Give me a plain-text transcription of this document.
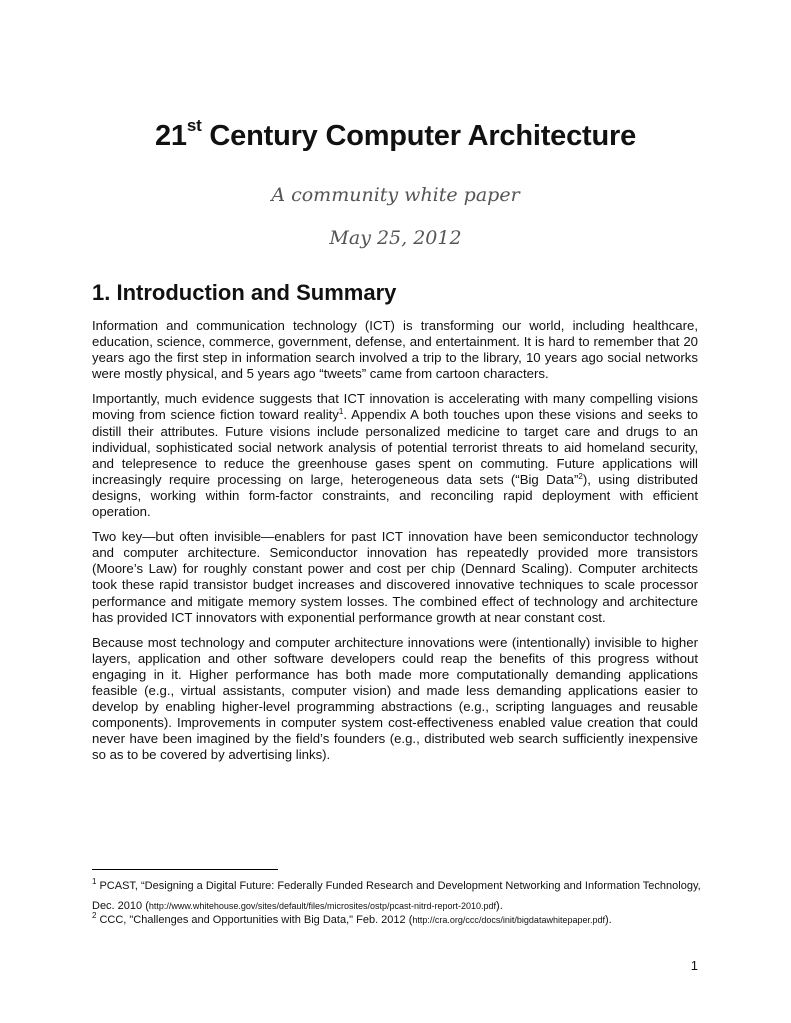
21st Century Computer Architecture
A community white paper
May 25, 2012
1. Introduction and Summary

Information and communication technology (ICT) is transforming our world, including healthcare, education, science, commerce, government, defense, and entertainment. It is hard to remember that 20 years ago the first step in information search involved a trip to the library, 10 years ago social networks were mostly physical, and 5 years ago “tweets” came from cartoon characters.

Importantly, much evidence suggests that ICT innovation is accelerating with many compelling visions moving from science fiction toward reality$^1$. Appendix A both touches upon these visions and seeks to distill their attributes. Future visions include personalized medicine to target care and drugs to an individual, sophisticated social network analysis of potential terrorist threats to aid homeland security, and telepresence to reduce the greenhouse gases spent on commuting. Future applications will increasingly require processing on large, heterogeneous data sets (“Big Data”$^2$), using distributed designs, working within form-factor constraints, and reconciling rapid deployment with efficient operation.

Two key—but often invisible—enablers for past ICT innovation have been semiconductor technology and computer architecture. Semiconductor innovation has repeatedly provided more transistors (Moore’s Law) for roughly constant power and cost per chip (Dennard Scaling). Computer architects took these rapid transistor budget increases and discovered innovative techniques to scale processor performance and mitigate memory system losses. The combined effect of technology and architecture has provided ICT innovators with exponential performance growth at near constant cost.

Because most technology and computer architecture innovations were (intentionally) invisible to higher layers, application and other software developers could reap the benefits of this progress without engaging in it. Higher performance has both made more computationally demanding applications feasible (e.g., virtual assistants, computer vision) and made less demanding applications easier to develop by enabling higher-level programming abstractions (e.g., scripting languages and reusable components). Improvements in computer system cost-effectiveness enabled value creation that could never have been imagined by the field’s founders (e.g., distributed web search sufficiently inexpensive so as to be covered by advertising links).

$^1$ PCAST, “Designing a Digital Future: Federally Funded Research and Development Networking and Information Technology, Dec. 2010 (http://www.whitehouse.gov/sites/default/files/microsites/ostp/pcast-nitrd-report-2010.pdf).
$^2$ CCC, "Challenges and Opportunities with Big Data," Feb. 2012 (http://cra.org/ccc/docs/init/bigdatawhitepaper.pdf).
1
